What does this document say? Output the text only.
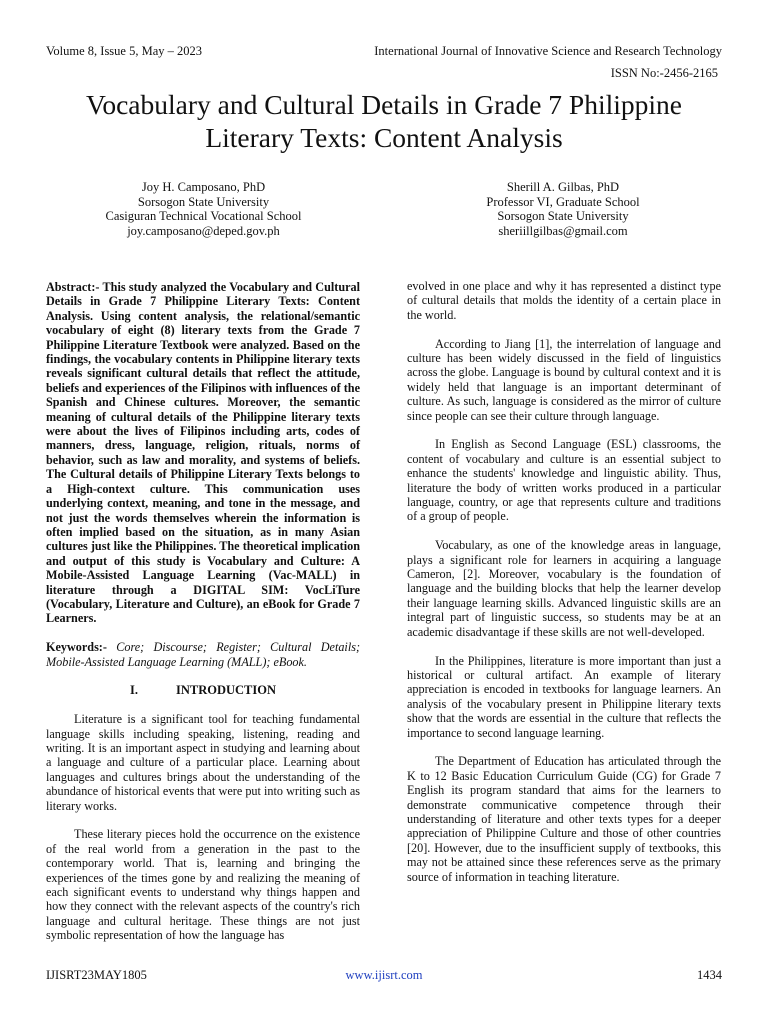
Volume 8, Issue 5, May – 2023	International Journal of Innovative Science and Research Technology
ISSN No:-2456-2165
Vocabulary and Cultural Details in Grade 7 Philippine
Literary Texts: Content Analysis
Joy H. Camposano, PhD
Sorsogon State University
Casiguran Technical Vocational School
joy.camposano@deped.gov.ph
Sherill A. Gilbas, PhD
Professor VI, Graduate School
Sorsogon State University
sheriillgilbas@gmail.com

Abstract:- This study analyzed the Vocabulary and Cultural Details in Grade 7 Philippine Literary Texts: Content Analysis. Using content analysis, the relational/semantic vocabulary of eight (8) literary texts from the Grade 7 Philippine Literature Textbook were analyzed. Based on the findings, the vocabulary contents in Philippine literary texts reveals significant cultural details that reflect the attitude, beliefs and experiences of the Filipinos with influences of the Spanish and Chinese cultures. Moreover, the semantic meaning of cultural details of the Philippine literary texts were about the lives of Filipinos including arts, codes of manners, dress, language, religion, rituals, norms of behavior, such as law and morality, and systems of beliefs. The Cultural details of Philippine Literary Texts belongs to a High-context culture. This communication uses underlying context, meaning, and tone in the message, and not just the words themselves wherein the information is often implied based on the situation, as in many Asian cultures just like the Philippines. The theoretical implication and output of this study is Vocabulary and Culture: A Mobile-Assisted Language Learning (Vac-MALL) in literature through a DIGITAL SIM: VocLiTure (Vocabulary, Literature and Culture), an eBook for Grade 7 Learners.

Keywords:- Core; Discourse; Register; Cultural Details; Mobile-Assisted Language Learning (MALL); eBook.

I.	INTRODUCTION

Literature is a significant tool for teaching fundamental language skills including speaking, listening, reading and writing. It is an important aspect in studying and learning about a language and culture of a particular place. Learning about languages and cultures brings about the understanding of the abundance of historical events that were put into writing such as literary works.

These literary pieces hold the occurrence on the existence of the real world from a generation in the past to the contemporary world. That is, learning and bringing the experiences of the times gone by and realizing the meaning of each significant events to understand why things happen and how they connect with the relevant aspects of the country's rich language and cultural heritage. These things are not just symbolic representation of how the language has

evolved in one place and why it has represented a distinct type of cultural details that molds the identity of a certain place in the world.

According to Jiang [1], the interrelation of language and culture has been widely discussed in the field of linguistics across the globe. Language is bound by cultural context and it is widely held that language is an important determinant of culture. As such, language is considered as the mirror of culture since people can see their culture through language.

In English as Second Language (ESL) classrooms, the content of vocabulary and culture is an essential subject to enhance the students' knowledge and linguistic ability. Thus, literature the body of written works produced in a particular language, country, or age that represents culture and traditions of a group of people.

Vocabulary, as one of the knowledge areas in language, plays a significant role for learners in acquiring a language Cameron, [2]. Moreover, vocabulary is the foundation of language and the building blocks that help the learner develop their language learning skills. Advanced linguistic skills are an integral part of linguistic success, so students may be at an academic disadvantage if these skills are not well-developed.

In the Philippines, literature is more important than just a historical or cultural artifact. An example of literary appreciation is encoded in textbooks for language learners. An analysis of the vocabulary present in Philippine literary texts show that the words are essential in the culture that reflects the importance to second language learning.

The Department of Education has articulated through the K to 12 Basic Education Curriculum Guide (CG) for Grade 7 English its program standard that aims for the learners to demonstrate communicative competence through their understanding of literature and other texts types for a deeper appreciation of Philippine Culture and those of other countries [20]. However, due to the insufficient supply of textbooks, this may not be attained since these references serve as the primary source of information in teaching literature.

IJISRT23MAY1805	www.ijisrt.com	1434
